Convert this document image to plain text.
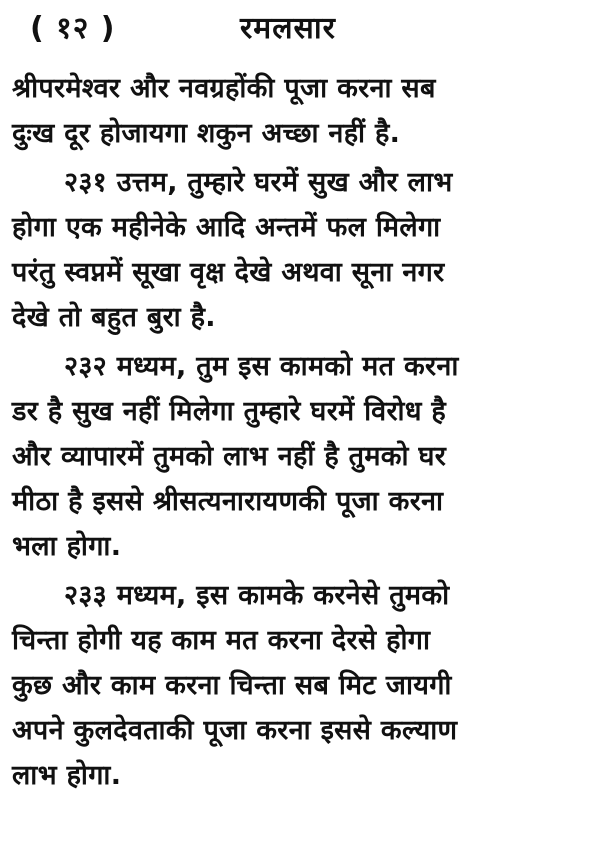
( १२ )	रमलसार
श्रीपरमेश्वर और नवग्रहोंकी पूजा करना सब
दुःख दूर होजायगा शकुन अच्छा नहीं है.
२३१ उत्तम, तुम्हारे घरमें सुख और लाभ
होगा एक महीनेके आदि अन्तमें फल मिलेगा
परंतु स्वप्नमें सूखा वृक्ष देखे अथवा सूना नगर
देखे तो बहुत बुरा है.
२३२ मध्यम, तुम इस कामको मत करना
डर है सुख नहीं मिलेगा तुम्हारे घरमें विरोध है
और व्यापारमें तुमको लाभ नहीं है तुमको घर
मीठा है इससे श्रीसत्यनारायणकी पूजा करना
भला होगा.
२३३ मध्यम, इस कामके करनेसे तुमको
चिन्ता होगी यह काम मत करना देरसे होगा
कुछ और काम करना चिन्ता सब मिट जायगी
अपने कुलदेवताकी पूजा करना इससे कल्याण
लाभ होगा.
